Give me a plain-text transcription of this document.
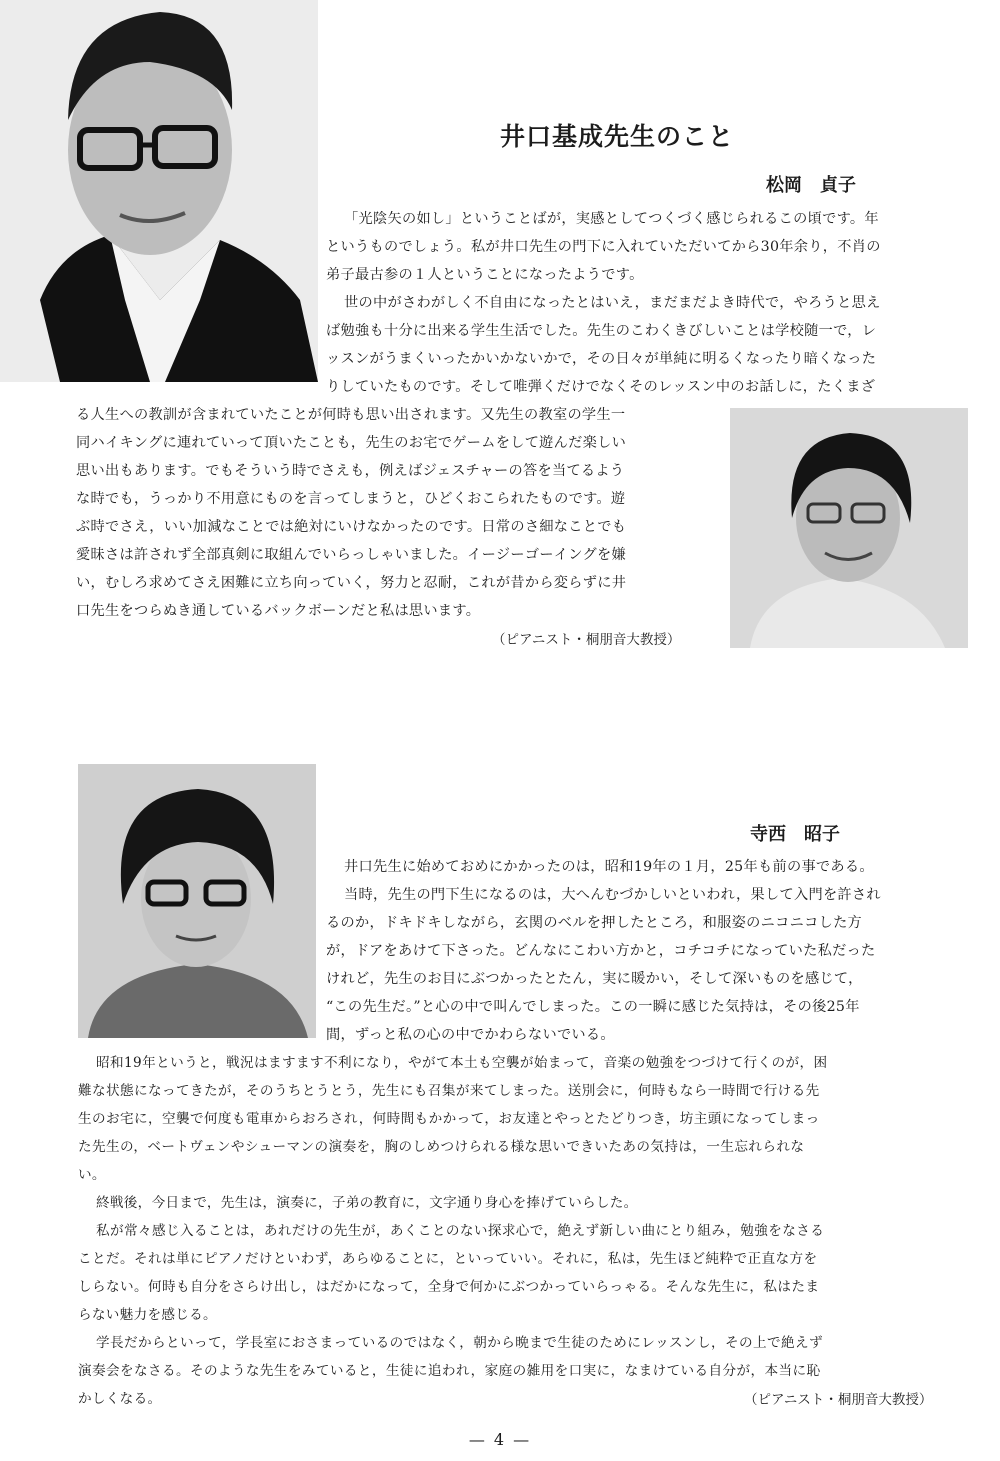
井口基成先生のこと
松岡　貞子
「光陰矢の如し」ということばが，実感としてつくづく感じられるこの頃です。年
というものでしょう。私が井口先生の門下に入れていただいてから30年余り，不肖の
弟子最古参の１人ということになったようです。
世の中がさわがしく不自由になったとはいえ，まだまだよき時代で，やろうと思え
ば勉強も十分に出来る学生生活でした。先生のこわくきびしいことは学校随一で，レ
ッスンがうまくいったかいかないかで，その日々が単純に明るくなったり暗くなった
りしていたものです。そして唯弾くだけでなくそのレッスン中のお話しに，たくまざ
る人生への教訓が含まれていたことが何時も思い出されます。又先生の教室の学生一
同ハイキングに連れていって頂いたことも，先生のお宅でゲームをして遊んだ楽しい
思い出もあります。でもそういう時でさえも，例えばジェスチャーの答を当てるよう
な時でも，うっかり不用意にものを言ってしまうと，ひどくおこられたものです。遊
ぶ時でさえ，いい加減なことでは絶対にいけなかったのです。日常のさ細なことでも
愛昧さは許されず全部真剣に取組んでいらっしゃいました。イージーゴーイングを嫌
い，むしろ求めてさえ困難に立ち向っていく，努力と忍耐，これが昔から変らずに井
口先生をつらぬき通しているバックボーンだと私は思います。
（ピアニスト・桐朋音大教授）
寺西　昭子
井口先生に始めておめにかかったのは，昭和19年の１月，25年も前の事である。
当時，先生の門下生になるのは，大へんむづかしいといわれ，果して入門を許され
るのか，ドキドキしながら，玄関のベルを押したところ，和服姿のニコニコした方
が，ドアをあけて下さった。どんなにこわい方かと，コチコチになっていた私だった
けれど，先生のお目にぶつかったとたん，実に暖かい，そして深いものを感じて，
“この先生だ。”と心の中で叫んでしまった。この一瞬に感じた気持は，その後25年
間，ずっと私の心の中でかわらないでいる。
昭和19年というと，戦況はますます不利になり，やがて本土も空襲が始まって，音楽の勉強をつづけて行くのが，困
難な状態になってきたが，そのうちとうとう，先生にも召集が来てしまった。送別会に，何時もなら一時間で行ける先
生のお宅に，空襲で何度も電車からおろされ，何時間もかかって，お友達とやっとたどりつき，坊主頭になってしまっ
た先生の，ベートヴェンやシューマンの演奏を，胸のしめつけられる様な思いできいたあの気持は，一生忘れられな
い。
終戦後，今日まで，先生は，演奏に，子弟の教育に，文字通り身心を捧げていらした。
私が常々感じ入ることは，あれだけの先生が，あくことのない探求心で，絶えず新しい曲にとり組み，勉強をなさる
ことだ。それは単にピアノだけといわず，あらゆることに，といっていい。それに，私は，先生ほど純粋で正直な方を
しらない。何時も自分をさらけ出し，はだかになって，全身で何かにぶつかっていらっゃる。そんな先生に，私はたま
らない魅力を感じる。
学長だからといって，学長室におさまっているのではなく，朝から晩まで生徒のためにレッスンし，その上で絶えず
演奏会をなさる。そのような先生をみていると，生徒に追われ，家庭の雑用を口実に，なまけている自分が，本当に恥
かしくなる。	（ピアニスト・桐朋音大教授）
— 4 —
